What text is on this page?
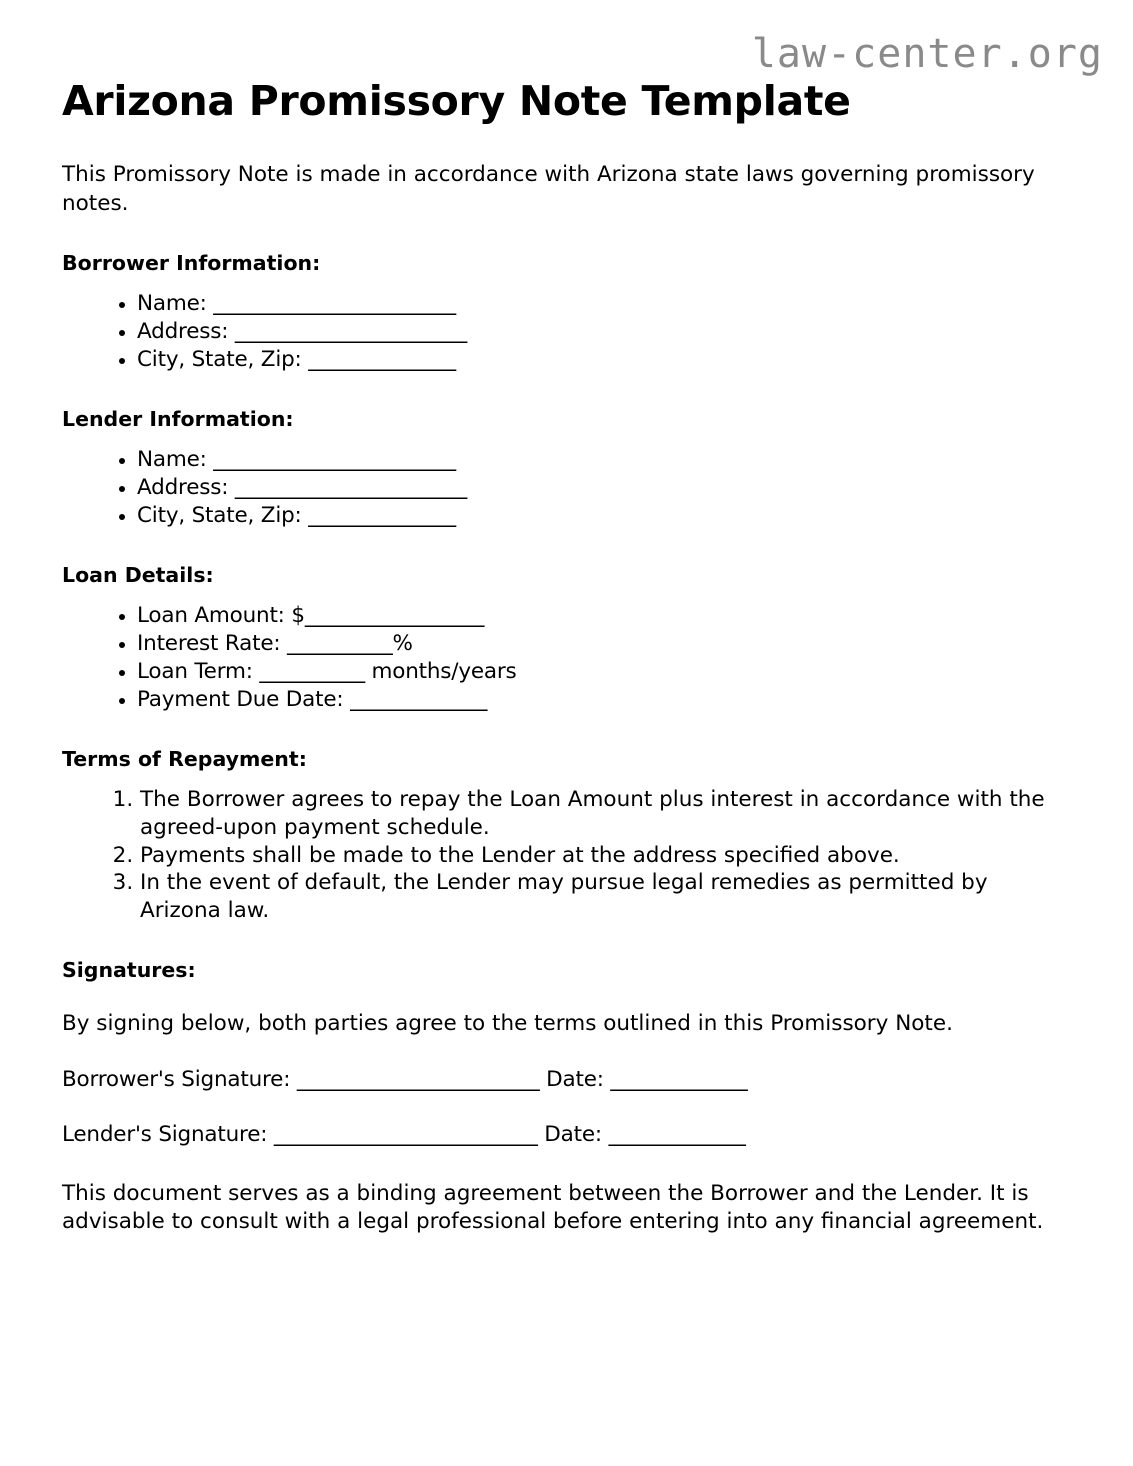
law-center.org
Arizona Promissory Note Template

This Promissory Note is made in accordance with Arizona state laws governing promissory notes.

Borrower Information:
• Name: _______________________
• Address: ______________________
• City, State, Zip: ______________
Lender Information:
• Name: _______________________
• Address: ______________________
• City, State, Zip: ______________
Loan Details:
• Loan Amount: $_________________
• Interest Rate: __________%
• Loan Term: __________ months/years
• Payment Due Date: _____________
Terms of Repayment:
1. The Borrower agrees to repay the Loan Amount plus interest in accordance with the agreed-upon payment schedule.
2. Payments shall be made to the Lender at the address specified above.
3. In the event of default, the Lender may pursue legal remedies as permitted by Arizona law.
Signatures:

By signing below, both parties agree to the terms outlined in this Promissory Note.

Borrower's Signature: _______________________ Date: _____________

Lender's Signature: _________________________ Date: _____________

This document serves as a binding agreement between the Borrower and the Lender. It is advisable to consult with a legal professional before entering into any financial agreement.
